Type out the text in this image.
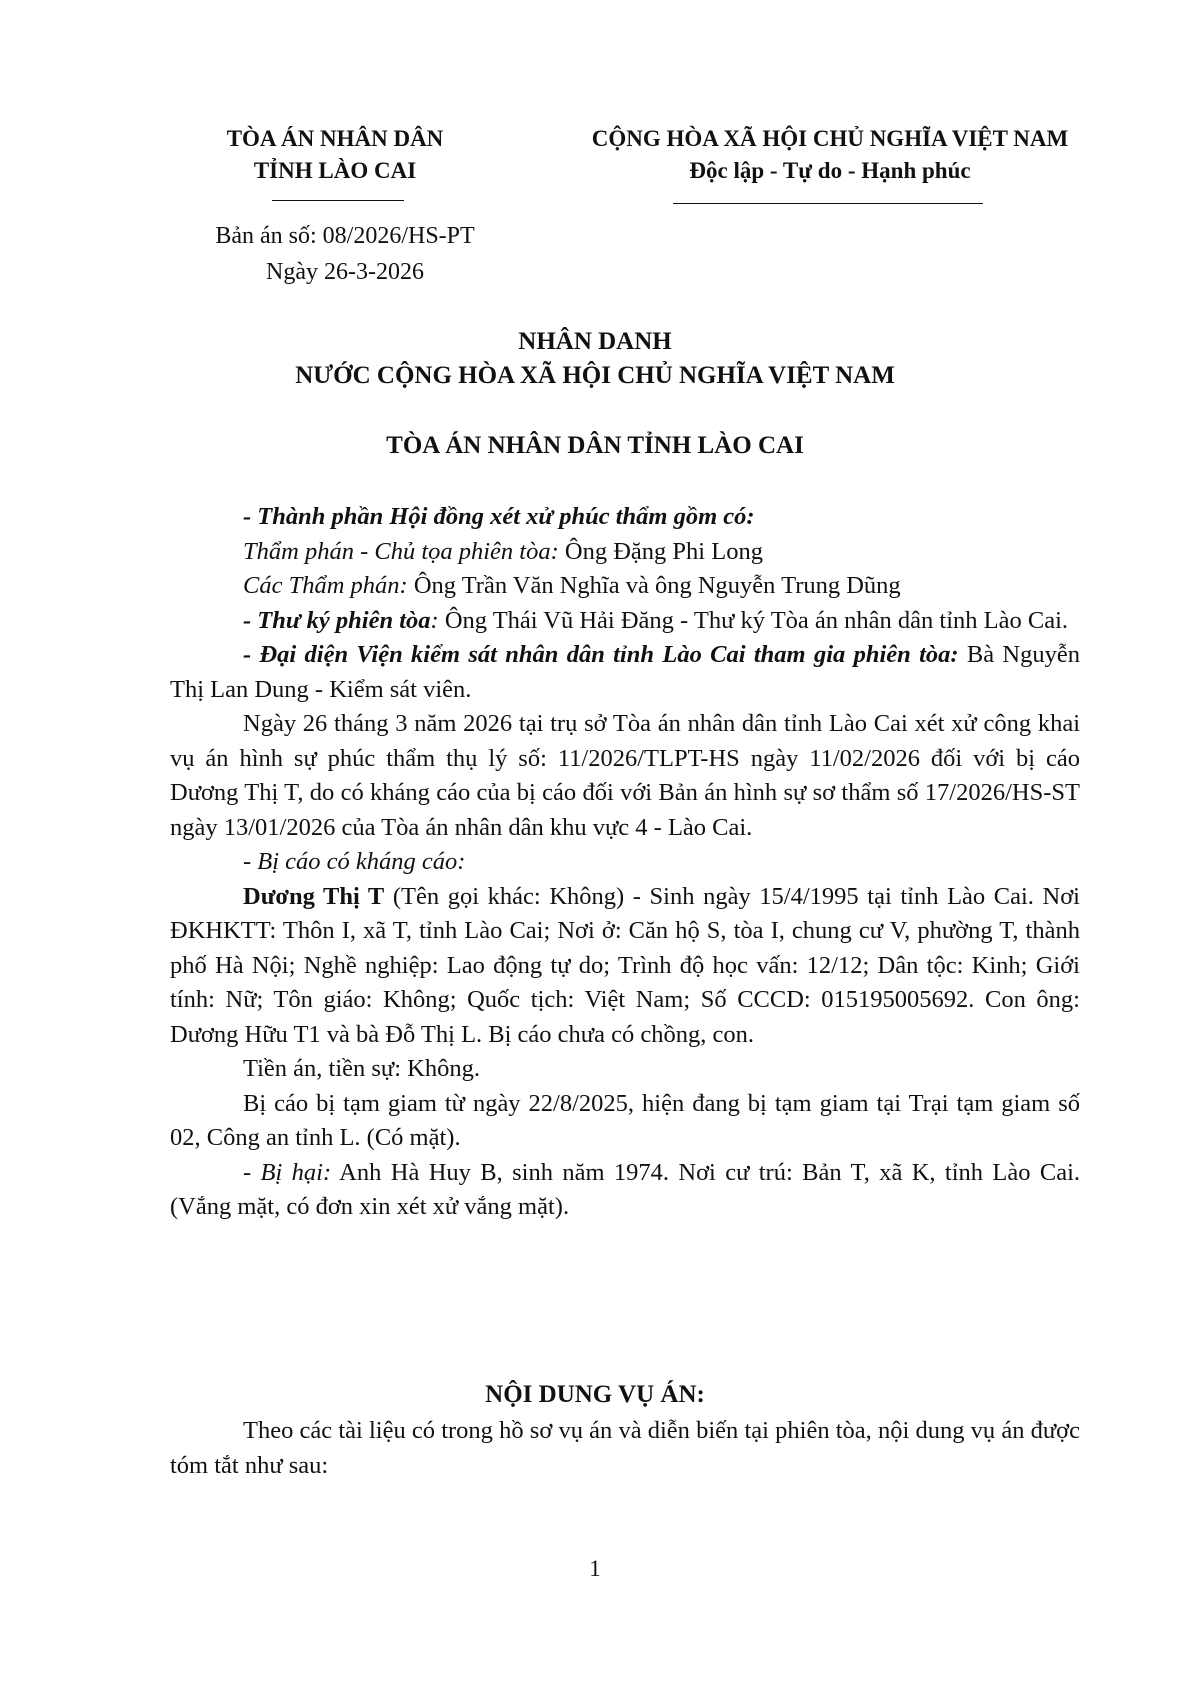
TÒA ÁN NHÂN DÂN
TỈNH LÀO CAI
CỘNG HÒA XÃ HỘI CHỦ NGHĨA VIỆT NAM
Độc lập - Tự do - Hạnh phúc
Bản án số: 08/2026/HS-PT
Ngày 26-3-2026
NHÂN DANH
NƯỚC CỘNG HÒA XÃ HỘI CHỦ NGHĨA VIỆT NAM
TÒA ÁN NHÂN DÂN TỈNH LÀO CAI
- Thành phần Hội đồng xét xử phúc thẩm gồm có:
Thẩm phán - Chủ tọa phiên tòa: Ông Đặng Phi Long
Các Thẩm phán: Ông Trần Văn Nghĩa và ông Nguyễn Trung Dũng
- Thư ký phiên tòa: Ông Thái Vũ Hải Đăng - Thư ký Tòa án nhân dân tỉnh Lào Cai.
- Đại diện Viện kiểm sát nhân dân tỉnh Lào Cai tham gia phiên tòa: Bà Nguyễn Thị Lan Dung - Kiểm sát viên.
Ngày 26 tháng 3 năm 2026 tại trụ sở Tòa án nhân dân tỉnh Lào Cai xét xử công khai vụ án hình sự phúc thẩm thụ lý số: 11/2026/TLPT-HS ngày 11/02/2026 đối với bị cáo Dương Thị T, do có kháng cáo của bị cáo đối với Bản án hình sự sơ thẩm số 17/2026/HS-ST ngày 13/01/2026 của Tòa án nhân dân khu vực 4 - Lào Cai.
- Bị cáo có kháng cáo:
Dương Thị T (Tên gọi khác: Không) - Sinh ngày 15/4/1995 tại tỉnh Lào Cai. Nơi ĐKHKTT: Thôn I, xã T, tỉnh Lào Cai; Nơi ở: Căn hộ S, tòa I, chung cư V, phường T, thành phố Hà Nội; Nghề nghiệp: Lao động tự do; Trình độ học vấn: 12/12; Dân tộc: Kinh; Giới tính: Nữ; Tôn giáo: Không; Quốc tịch: Việt Nam; Số CCCD: 015195005692. Con ông: Dương Hữu T1 và bà Đỗ Thị L. Bị cáo chưa có chồng, con.
Tiền án, tiền sự: Không.
Bị cáo bị tạm giam từ ngày 22/8/2025, hiện đang bị tạm giam tại Trại tạm giam số 02, Công an tỉnh L. (Có mặt).
- Bị hại: Anh Hà Huy B, sinh năm 1974. Nơi cư trú: Bản T, xã K, tỉnh Lào Cai. (Vắng mặt, có đơn xin xét xử vắng mặt).
NỘI DUNG VỤ ÁN:
Theo các tài liệu có trong hồ sơ vụ án và diễn biến tại phiên tòa, nội dung vụ án được tóm tắt như sau:
1
